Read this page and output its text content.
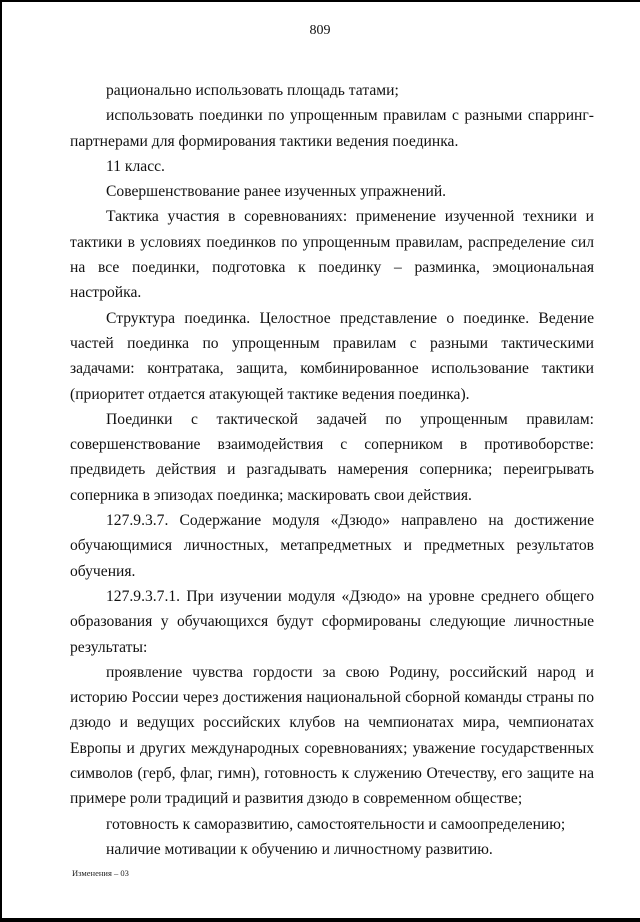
809

рационально использовать площадь татами;

использовать поединки по упрощенным правилам с разными спарринг-партнерами для формирования тактики ведения поединка.

11 класс.

Совершенствование ранее изученных упражнений.

Тактика участия в соревнованиях: применение изученной техники и тактики в условиях поединков по упрощенным правилам, распределение сил на все поединки, подготовка к поединку – разминка, эмоциональная настройка.

Структура поединка. Целостное представление о поединке. Ведение частей поединка по упрощенным правилам с разными тактическими задачами: контратака, защита, комбинированное использование тактики (приоритет отдается атакующей тактике ведения поединка).

Поединки с тактической задачей по упрощенным правилам: совершенствование взаимодействия с соперником в противоборстве: предвидеть действия и разгадывать намерения соперника; переигрывать соперника в эпизодах поединка; маскировать свои действия.

127.9.3.7. Содержание модуля «Дзюдо» направлено на достижение обучающимися личностных, метапредметных и предметных результатов обучения.

127.9.3.7.1. При изучении модуля «Дзюдо» на уровне среднего общего образования у обучающихся будут сформированы следующие личностные результаты:

проявление чувства гордости за свою Родину, российский народ и историю России через достижения национальной сборной команды страны по дзюдо и ведущих российских клубов на чемпионатах мира, чемпионатах Европы и других международных соревнованиях; уважение государственных символов (герб, флаг, гимн), готовность к служению Отечеству, его защите на примере роли традиций и развития дзюдо в современном обществе;

готовность к саморазвитию, самостоятельности и самоопределению;

наличие мотивации к обучению и личностному развитию.

Изменения – 03
